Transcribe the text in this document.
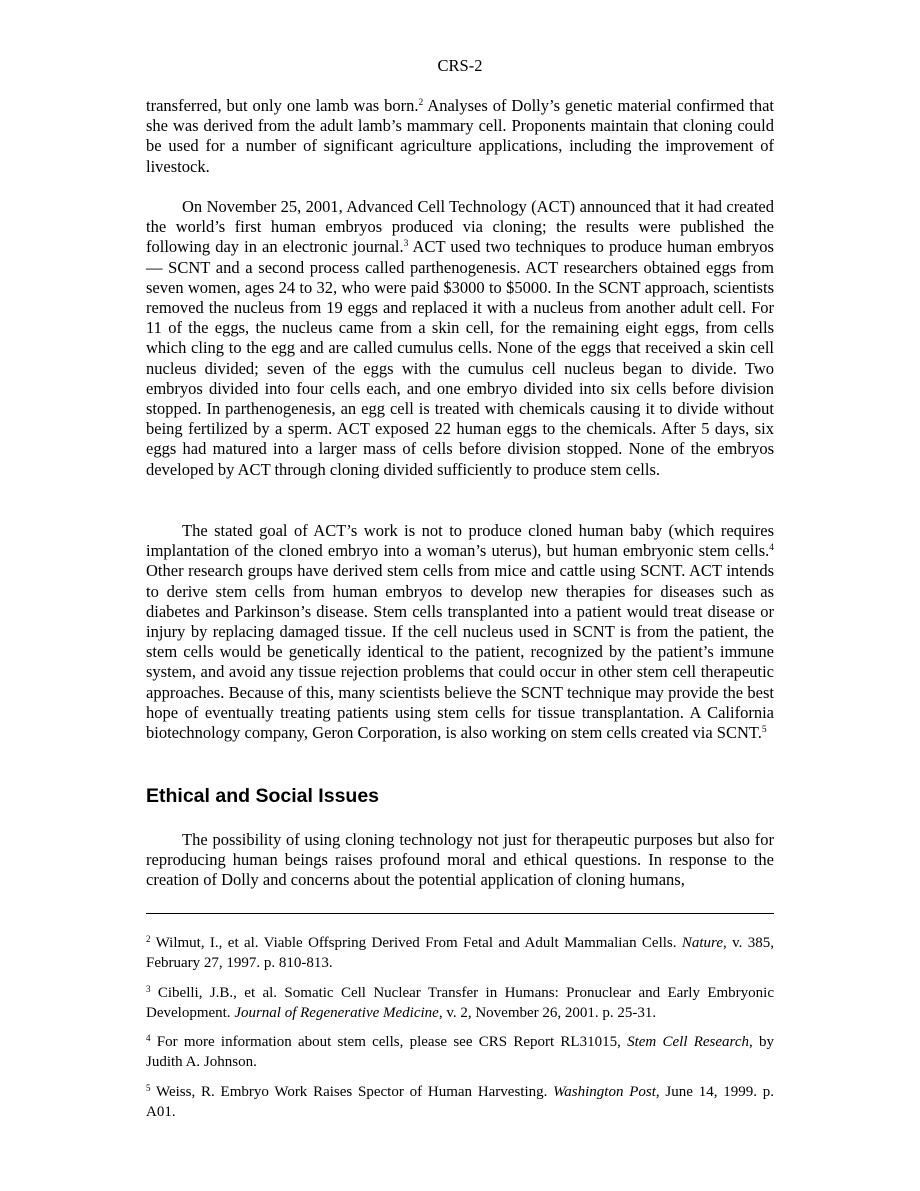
CRS-2

transferred, but only one lamb was born.$^2$ Analyses of Dolly’s genetic material confirmed that she was derived from the adult lamb’s mammary cell. Proponents maintain that cloning could be used for a number of significant agriculture applications, including the improvement of livestock.

On November 25, 2001, Advanced Cell Technology (ACT) announced that it had created the world’s first human embryos produced via cloning; the results were published the following day in an electronic journal.$^3$ ACT used two techniques to produce human embryos — SCNT and a second process called parthenogenesis. ACT researchers obtained eggs from seven women, ages 24 to 32, who were paid $3000 to $5000. In the SCNT approach, scientists removed the nucleus from 19 eggs and replaced it with a nucleus from another adult cell. For 11 of the eggs, the nucleus came from a skin cell, for the remaining eight eggs, from cells which cling to the egg and are called cumulus cells. None of the eggs that received a skin cell nucleus divided; seven of the eggs with the cumulus cell nucleus began to divide. Two embryos divided into four cells each, and one embryo divided into six cells before division stopped. In parthenogenesis, an egg cell is treated with chemicals causing it to divide without being fertilized by a sperm. ACT exposed 22 human eggs to the chemicals. After 5 days, six eggs had matured into a larger mass of cells before division stopped. None of the embryos developed by ACT through cloning divided sufficiently to produce stem cells.

The stated goal of ACT’s work is not to produce cloned human baby (which requires implantation of the cloned embryo into a woman’s uterus), but human embryonic stem cells.$^4$ Other research groups have derived stem cells from mice and cattle using SCNT. ACT intends to derive stem cells from human embryos to develop new therapies for diseases such as diabetes and Parkinson’s disease. Stem cells transplanted into a patient would treat disease or injury by replacing damaged tissue. If the cell nucleus used in SCNT is from the patient, the stem cells would be genetically identical to the patient, recognized by the patient’s immune system, and avoid any tissue rejection problems that could occur in other stem cell therapeutic approaches. Because of this, many scientists believe the SCNT technique may provide the best hope of eventually treating patients using stem cells for tissue transplantation. A California biotechnology company, Geron Corporation, is also working on stem cells created via SCNT.$^5$

Ethical and Social Issues

The possibility of using cloning technology not just for therapeutic purposes but also for reproducing human beings raises profound moral and ethical questions. In response to the creation of Dolly and concerns about the potential application of cloning humans,

$^2$ Wilmut, I., et al. Viable Offspring Derived From Fetal and Adult Mammalian Cells. Nature, v. 385, February 27, 1997. p. 810-813.

$^3$ Cibelli, J.B., et al. Somatic Cell Nuclear Transfer in Humans: Pronuclear and Early Embryonic Development. Journal of Regenerative Medicine, v. 2, November 26, 2001. p. 25-31.

$^4$ For more information about stem cells, please see CRS Report RL31015, Stem Cell Research, by Judith A. Johnson.

$^5$ Weiss, R. Embryo Work Raises Spector of Human Harvesting. Washington Post, June 14, 1999. p. A01.
